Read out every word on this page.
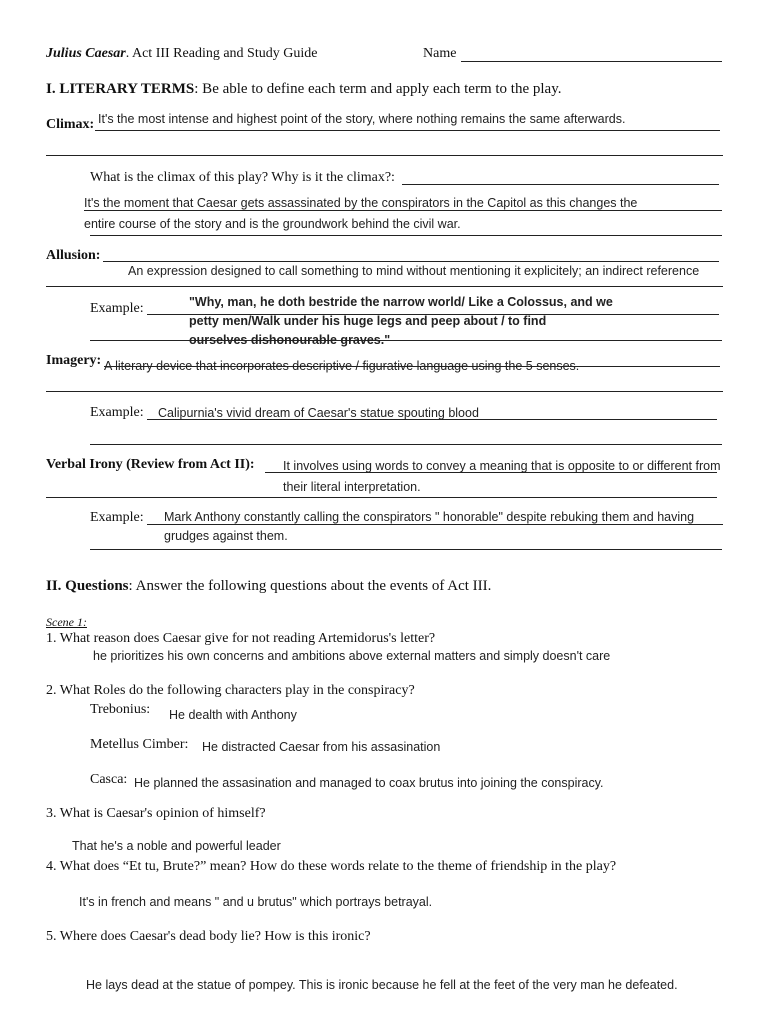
Julius Caesar. Act III Reading and Study Guide	Name
I. LITERARY TERMS: Be able to define each term and apply each term to the play.
Climax: It's the most intense and highest point of the story, where nothing remains the same afterwards.
What is the climax of this play? Why is it the climax?:
It's the moment that Caesar gets assassinated by the conspirators in the Capitol as this changes the
entire course of the story and is the groundwork behind the civil war.
Allusion:
An expression designed to call something to mind without mentioning it explicitely; an indirect reference
Example:	"Why, man, he doth bestride the narrow world/ Like a Colossus, and we
petty men/Walk under his huge legs and peep about / to find
ourselves dishonourable graves."
Imagery: A literary device that incorporates descriptive / figurative language using the 5 senses.
Example: Calipurnia's vivid dream of Caesar's statue spouting blood
Verbal Irony (Review from Act II): It involves using words to convey a meaning that is opposite to or different from
their literal interpretation.
Example: Mark Anthony constantly calling the conspirators " honorable" despite rebuking them and having
grudges against them.
II. Questions: Answer the following questions about the events of Act III.
Scene 1:
1. What reason does Caesar give for not reading Artemidorus's letter?
he prioritizes his own concerns and ambitions above external matters and simply doesn't care
2. What Roles do the following characters play in the conspiracy?
Trebonius: He dealth with Anthony
Metellus Cimber: He distracted Caesar from his assasination
Casca: He planned the assasination and managed to coax brutus into joining the conspiracy.
3. What is Caesar's opinion of himself?
That he's a noble and powerful leader
4. What does “Et tu, Brute?” mean? How do these words relate to the theme of friendship in the play?
It's in french and means " and u brutus" which portrays betrayal.
5. Where does Caesar's dead body lie? How is this ironic?
He lays dead at the statue of pompey. This is ironic because he fell at the feet of the very man he defeated.
